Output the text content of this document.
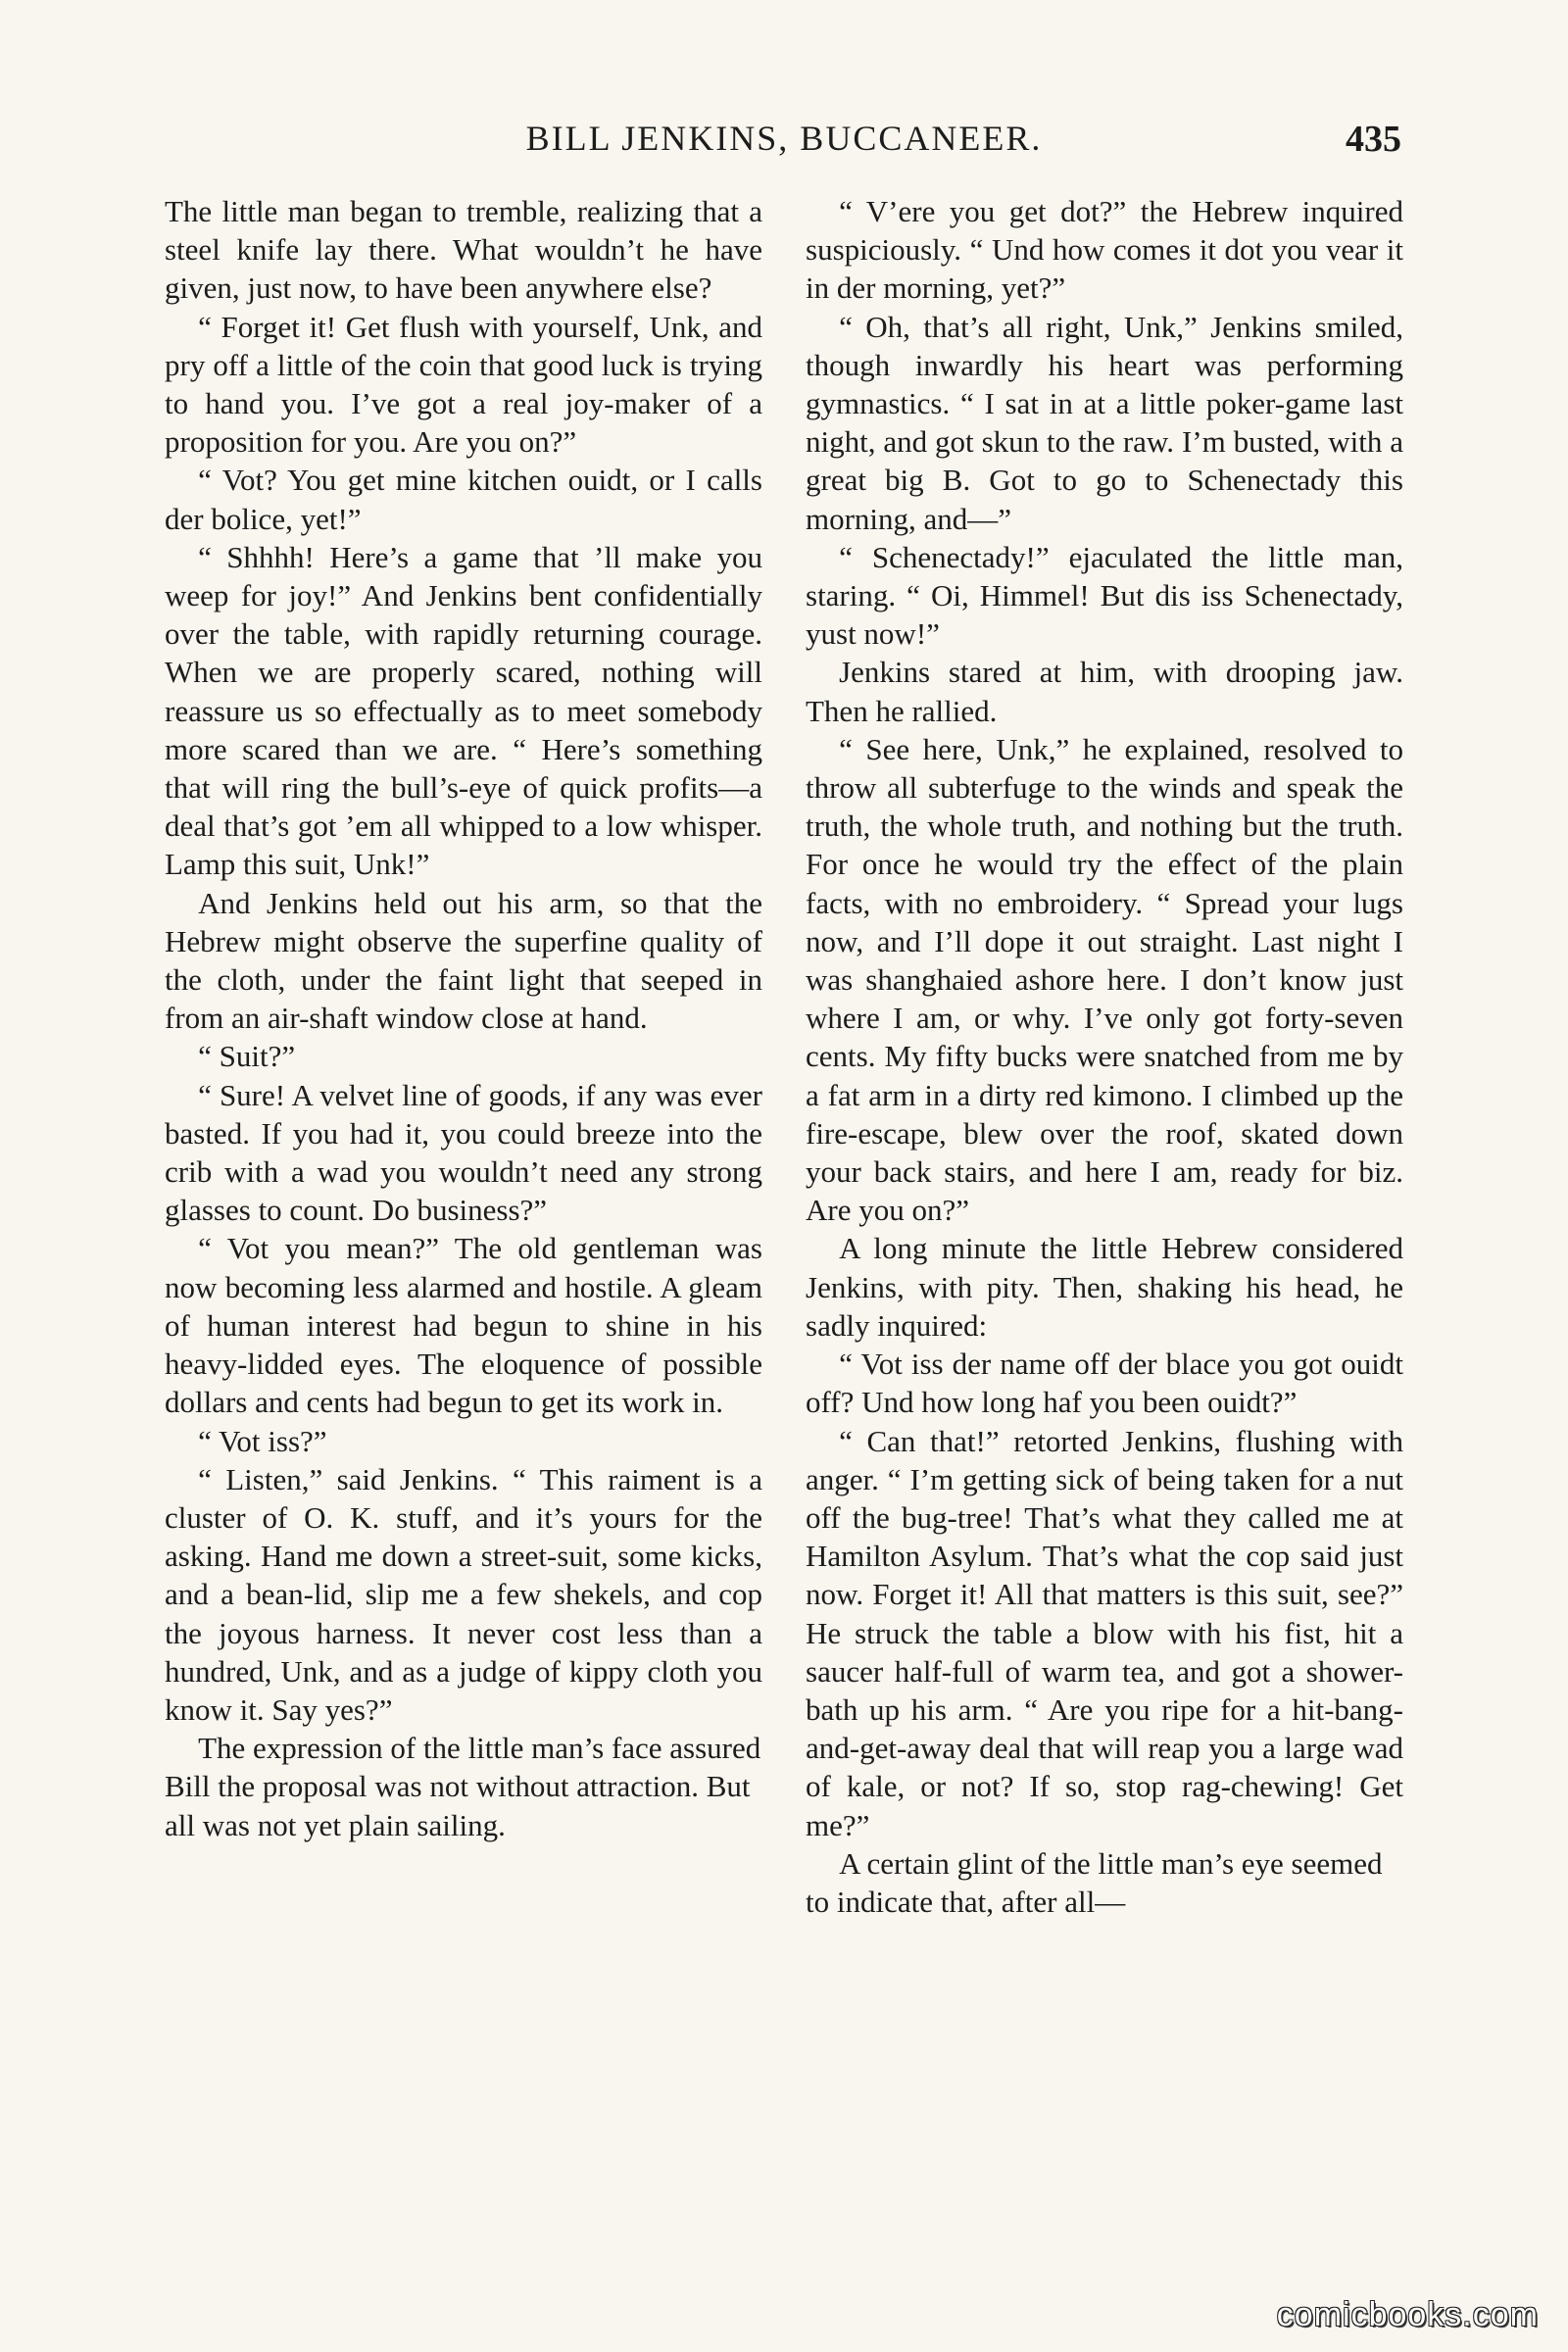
BILL JENKINS, BUCCANEER.	435

The little man began to tremble, realizing that a steel knife lay there. What wouldn’t he have given, just now, to have been anywhere else?

“ Forget it! Get flush with yourself, Unk, and pry off a little of the coin that good luck is trying to hand you. I’ve got a real joy-maker of a proposition for you. Are you on?”

“ Vot? You get mine kitchen ouidt, or I calls der bolice, yet!”

“ Shhhh! Here’s a game that ’ll make you weep for joy!” And Jenkins bent confidentially over the table, with rapidly returning courage. When we are properly scared, nothing will reassure us so effectually as to meet somebody more scared than we are. “ Here’s something that will ring the bull’s-eye of quick profits—a deal that’s got ’em all whipped to a low whisper. Lamp this suit, Unk!”

And Jenkins held out his arm, so that the Hebrew might observe the superfine quality of the cloth, under the faint light that seeped in from an air-shaft window close at hand.

“ Suit?”

“ Sure! A velvet line of goods, if any was ever basted. If you had it, you could breeze into the crib with a wad you wouldn’t need any strong glasses to count. Do business?”

“ Vot you mean?” The old gentleman was now becoming less alarmed and hostile. A gleam of human interest had begun to shine in his heavy-lidded eyes. The eloquence of possible dollars and cents had begun to get its work in.

“ Vot iss?”

“ Listen,” said Jenkins. “ This raiment is a cluster of O. K. stuff, and it’s yours for the asking. Hand me down a street-suit, some kicks, and a bean-lid, slip me a few shekels, and cop the joyous harness. It never cost less than a hundred, Unk, and as a judge of kippy cloth you know it. Say yes?”

The expression of the little man’s face assured Bill the proposal was not without attraction. But all was not yet plain sailing.

“ V’ere you get dot?” the Hebrew inquired suspiciously. “ Und how comes it dot you vear it in der morning, yet?”

“ Oh, that’s all right, Unk,” Jenkins smiled, though inwardly his heart was performing gymnastics. “ I sat in at a little poker-game last night, and got skun to the raw. I’m busted, with a great big B. Got to go to Schenectady this morning, and—”

“ Schenectady!” ejaculated the little man, staring. “ Oi, Himmel! But dis iss Schenectady, yust now!”

Jenkins stared at him, with drooping jaw. Then he rallied.

“ See here, Unk,” he explained, resolved to throw all subterfuge to the winds and speak the truth, the whole truth, and nothing but the truth. For once he would try the effect of the plain facts, with no embroidery. “ Spread your lugs now, and I’ll dope it out straight. Last night I was shanghaied ashore here. I don’t know just where I am, or why. I’ve only got forty-seven cents. My fifty bucks were snatched from me by a fat arm in a dirty red kimono. I climbed up the fire-escape, blew over the roof, skated down your back stairs, and here I am, ready for biz. Are you on?”

A long minute the little Hebrew considered Jenkins, with pity. Then, shaking his head, he sadly inquired:

“ Vot iss der name off der blace you got ouidt off? Und how long haf you been ouidt?”

“ Can that!” retorted Jenkins, flushing with anger. “ I’m getting sick of being taken for a nut off the bug-tree! That’s what they called me at Hamilton Asylum. That’s what the cop said just now. Forget it! All that matters is this suit, see?” He struck the table a blow with his fist, hit a saucer half-full of warm tea, and got a shower-bath up his arm. “ Are you ripe for a hit-bang-and-get-away deal that will reap you a large wad of kale, or not? If so, stop rag-chewing! Get me?”

A certain glint of the little man’s eye seemed to indicate that, after all—

comicbooks.com
